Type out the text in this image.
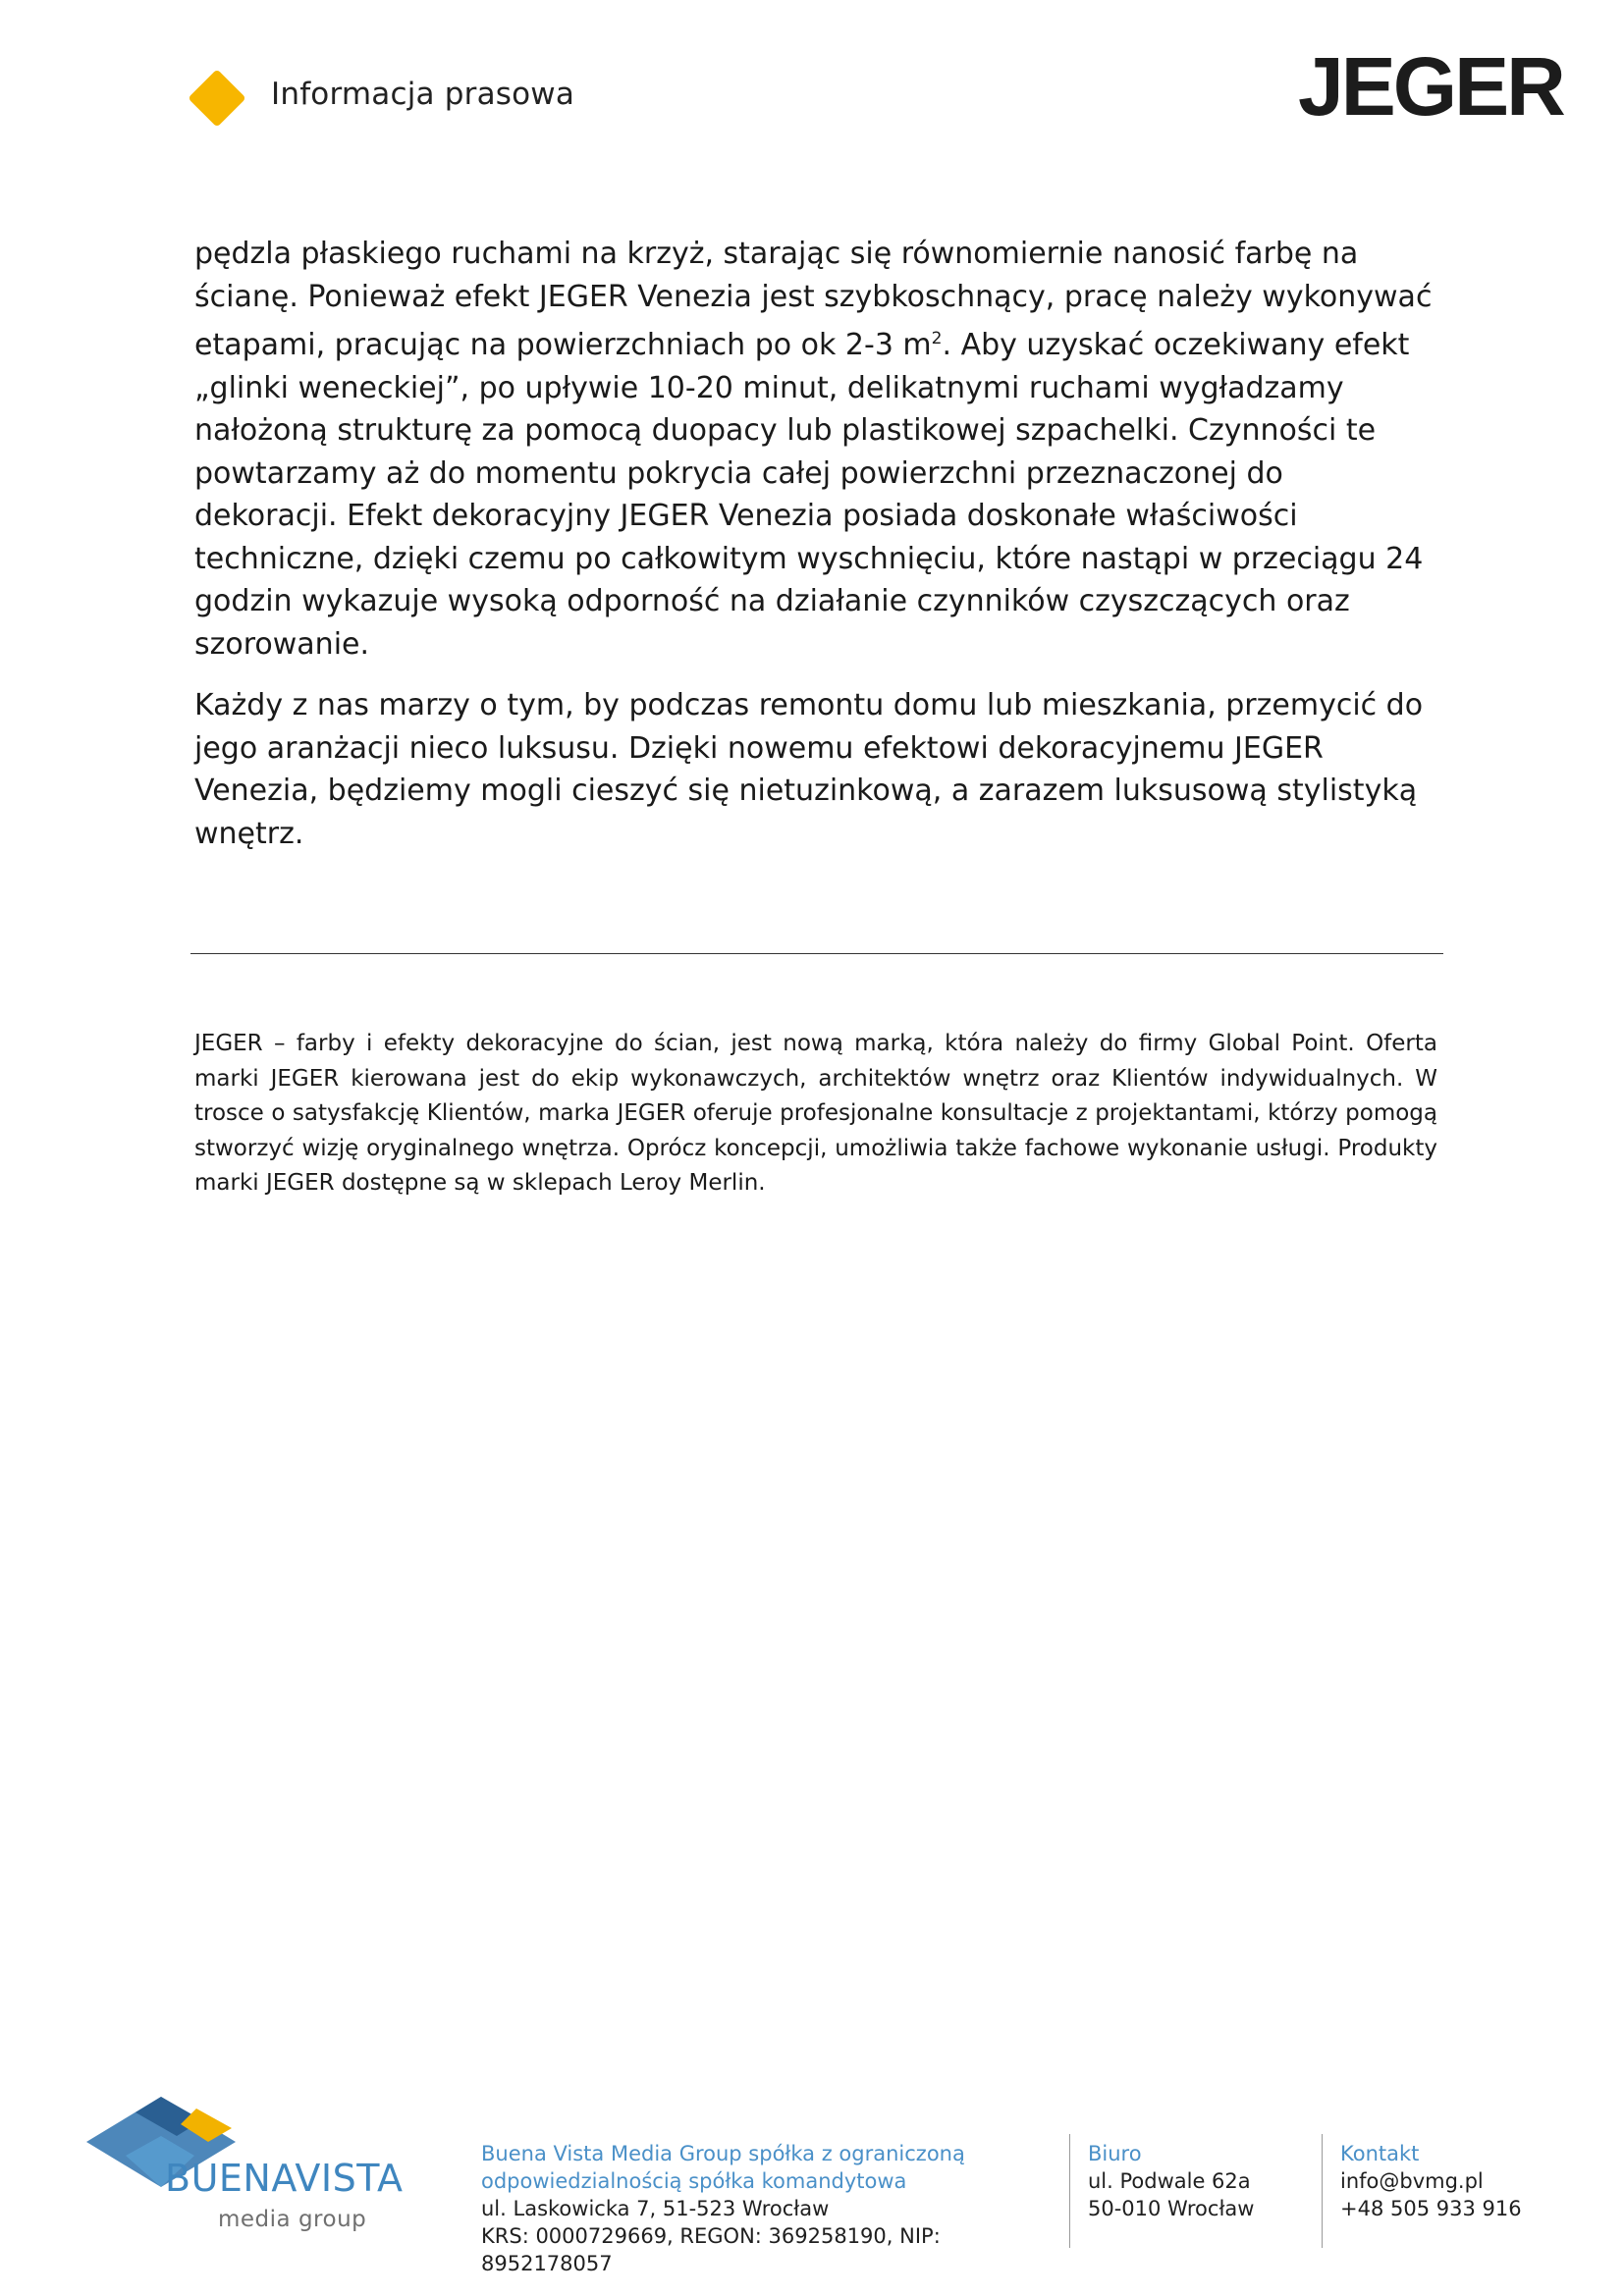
Informacja prasowa	JEGER
pędzla płaskiego ruchami na krzyż, starając się równomiernie nanosić farbę na
ścianę. Ponieważ efekt JEGER Venezia jest szybkoschnący, pracę należy wykonywać
etapami, pracując na powierzchniach po ok 2-3 $m^2$. Aby uzyskać oczekiwany efekt
„glinki weneckiej”, po upływie 10-20 minut, delikatnymi ruchami wygładzamy
nałożoną strukturę za pomocą duopacy lub plastikowej szpachelki. Czynności te
powtarzamy aż do momentu pokrycia całej powierzchni przeznaczonej do
dekoracji. Efekt dekoracyjny JEGER Venezia posiada doskonałe właściwości
techniczne, dzięki czemu po całkowitym wyschnięciu, które nastąpi w przeciągu 24
godzin wykazuje wysoką odporność na działanie czynników czyszczących oraz
szorowanie.
Każdy z nas marzy o tym, by podczas remontu domu lub mieszkania, przemycić do
jego aranżacji nieco luksusu. Dzięki nowemu efektowi dekoracyjnemu JEGER
Venezia, będziemy mogli cieszyć się nietuzinkową, a zarazem luksusową stylistyką
wnętrz.
JEGER – farby i efekty dekoracyjne do ścian, jest nową marką, która należy do firmy Global Point. Oferta marki JEGER kierowana jest do ekip wykonawczych, architektów wnętrz oraz Klientów indywidualnych. W trosce o satysfakcję Klientów, marka JEGER oferuje profesjonalne konsultacje z projektantami, którzy pomogą stworzyć wizję oryginalnego wnętrza. Oprócz koncepcji, umożliwia także fachowe wykonanie usługi. Produkty marki JEGER dostępne są w sklepach Leroy Merlin.
BUENAVISTA
media group
Buena Vista Media Group spółka z ograniczoną
odpowiedzialnością spółka komandytowa
ul. Laskowicka 7, 51-523 Wrocław
KRS: 0000729669, REGON: 369258190, NIP: 8952178057
Biuro
ul. Podwale 62a
50-010 Wrocław
Kontakt
info@bvmg.pl
+48 505 933 916
